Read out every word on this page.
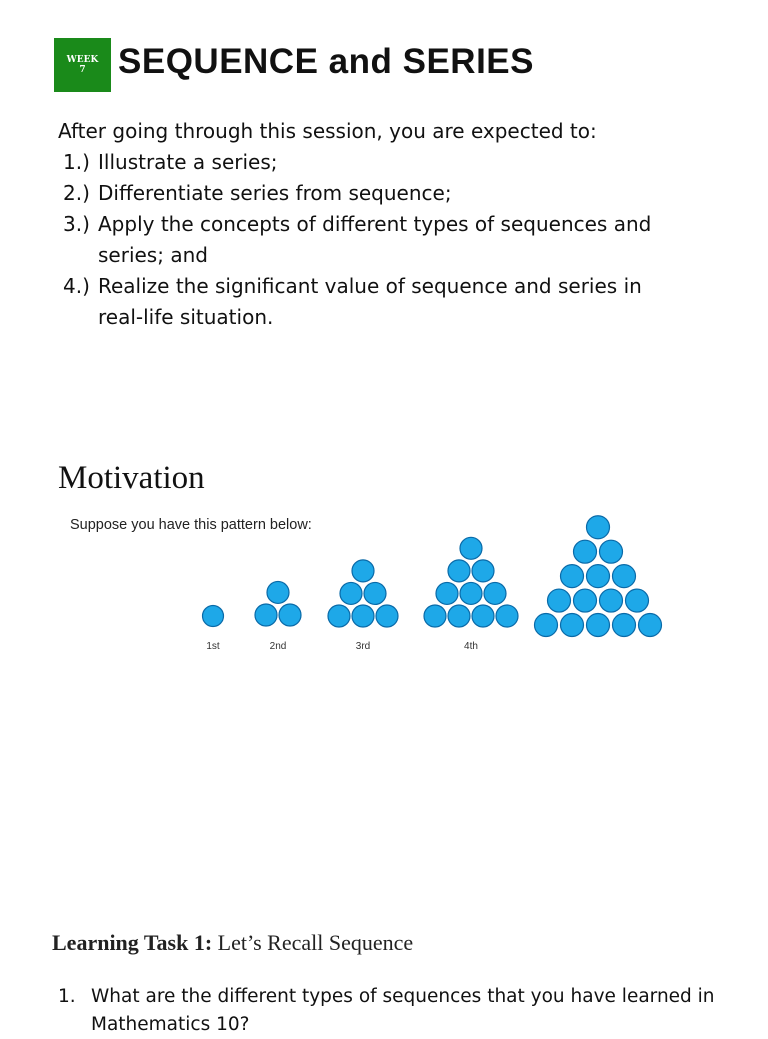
WEEK
7 SEQUENCE and SERIES
After going through this session, you are expected to:
1.) Illustrate a series;
2.) Differentiate series from sequence;
3.) Apply the concepts of different types of sequences and
series; and
4.) Realize the significant value of sequence and series in
real-life situation.
Motivation
Suppose you have this pattern below:
1st	2nd	3rd	4th
Learning Task 1: Let’s Recall Sequence
1. What are the different types of sequences that you have learned in
Mathematics 10?
